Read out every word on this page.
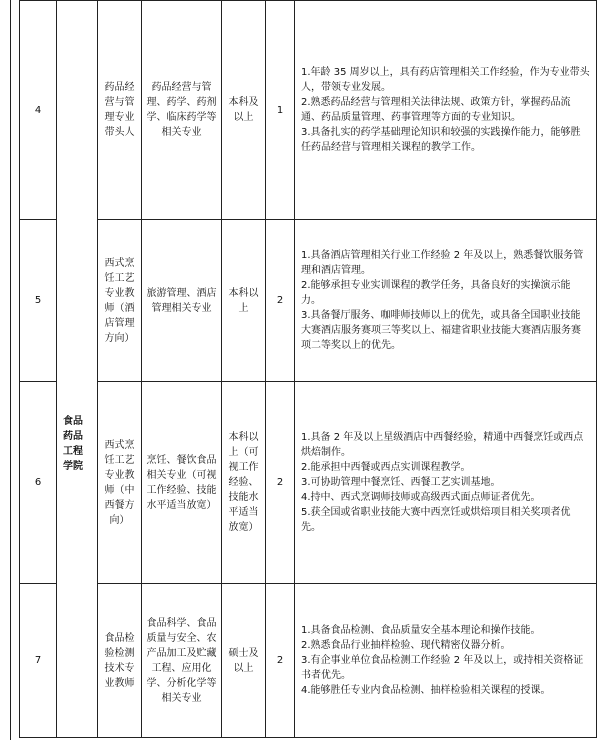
4	食品药品工程学院	药品经营与管理专业带头人	药品经营与管理、药学、药剂学、临床药学等相关专业	本科及以上	1	1.年龄 35 周岁以上，具有药店管理相关工作经验，作为专业带头人，带领专业发展。

2.熟悉药品经营与管理相关法律法规、政策方针，掌握药品流通、药品质量管理、药事管理等方面的专业知识。

3.具备扎实的药学基础理论知识和较强的实践操作能力，能够胜任药品经营与管理相关课程的教学工作。

5		西式烹饪工艺专业教师（酒店管理方向）	旅游管理、酒店管理相关专业	本科以上	2	1.具备酒店管理相关行业工作经验 2 年及以上，熟悉餐饮服务管理和酒店管理。

2.能够承担专业实训课程的教学任务，具备良好的实操演示能力。

3.具备餐厅服务、咖啡师技师以上的优先，或具备全国职业技能大赛酒店服务赛项三等奖以上、福建省职业技能大赛酒店服务赛项二等奖以上的优先。

6		西式烹饪工艺专业教师（中西餐方向）	烹饪、餐饮食品相关专业（可视工作经验、技能水平适当放宽）	本科以上（可视工作经验、技能水平适当放宽）	2	1.具备 2 年及以上星级酒店中西餐经验，精通中西餐烹饪或西点烘焙制作。

2.能承担中西餐或西点实训课程教学。

3.可协助管理中餐烹饪、西餐工艺实训基地。

4.持中、西式烹调师技师或高级西式面点师证者优先。

5.获全国或省职业技能大赛中西烹饪或烘焙项目相关奖项者优先。

7		食品检验检测技术专业教师	食品科学、食品质量与安全、农产品加工及贮藏工程、应用化学、分析化学等相关专业	硕士及以上	2	1.具备食品检测、食品质量安全基本理论和操作技能。

2.熟悉食品行业抽样检验、现代精密仪器分析。

3.有企事业单位食品检测工作经验 2 年及以上，或持相关资格证书者优先。

4.能够胜任专业内食品检测、抽样检验相关课程的授课。
